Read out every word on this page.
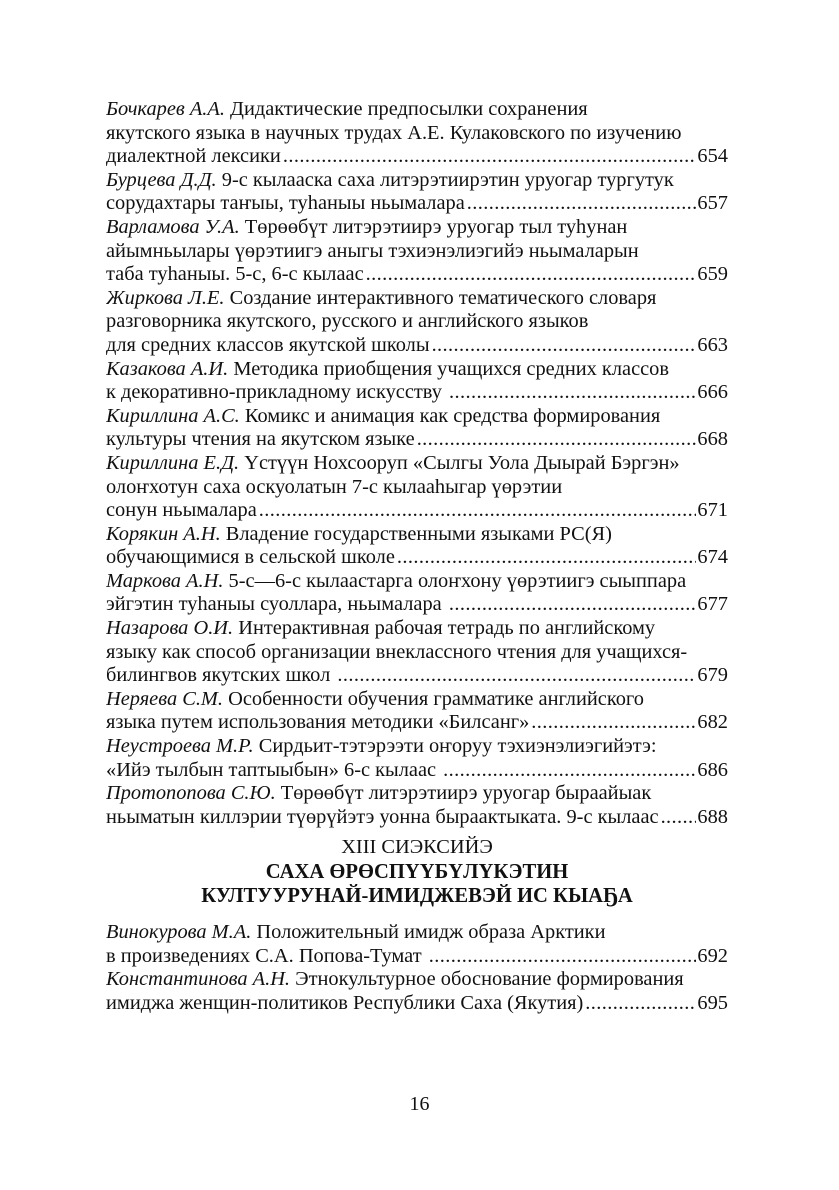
Бочкарев А.А. Дидактические предпосылки сохранения
якутского языка в научных трудах А.Е. Кулаковского по изучению
диалектной лексики .....	654
Бурцева Д.Д. 9-с кылааска саха литэрэтиирэтин уруогар тургутук
сорудахтары таҥыы, туһаныы ньымалара .....	657
Варламова У.А. Төрөөбүт литэрэтиирэ уруогар тыл туһунан
айымньылары үөрэтиигэ аныгы тэхиэнэлиэгийэ ньымаларын
таба туһаныы. 5-с, 6-с кылаас .....	659
Жиркова Л.Е. Создание интерактивного тематического словаря
разговорника якутского, русского и английского языков
для средних классов якутской школы .....	663
Казакова А.И. Методика приобщения учащихся средних классов
к декоративно-прикладному искусству .....	666
Кириллина А.С. Комикс и анимация как средства формирования
культуры чтения на якутском языке .....	668
Кириллина Е.Д. Үстүүн Нохсооруп «Сылгы Уола Дыырай Бэргэн»
олоҥхотун саха оскуолатын 7-с кылааһыгар үөрэтии
сонун ньымалара .....	671
Корякин А.Н. Владение государственными языками РС(Я)
обучающимися в сельской школе .....	674
Маркова А.Н. 5-с—6-с кылаастарга олоҥхону үөрэтиигэ сыыппара
эйгэтин туһаныы суоллара, ньымалара .....	677
Назарова О.И. Интерактивная рабочая тетрадь по английскому
языку как способ организации внеклассного чтения для учащихся-
билингвов якутских школ .....	679
Неряева С.М. Особенности обучения грамматике английского
языка путем использования методики «Билсанг» .....	682
Неустроева М.Р. Сирдьит-тэтэрээти оҥоруу тэхиэнэлиэгийэтэ:
«Ийэ тылбын таптыыбын» 6-с кылаас .....	686
Протопопова С.Ю. Төрөөбүт литэрэтиирэ уруогар быраайыак
ньыматын киллэрии түөрүйэтэ уонна быраактыката. 9-с кылаас ..... 688
XIII СИЭКСИЙЭ
САХА ӨРӨСПҮҮБҮЛҮКЭТИН
КУЛТУУРУНАЙ-ИМИДЖЕВЭЙ ИС КЫАҔА
Винокурова М.А. Положительный имидж образа Арктики
в произведениях С.А. Попова-Тумат .....	692
Константинова А.Н. Этнокультурное обоснование формирования
имиджа женщин-политиков Республики Саха (Якутия) .....	695
16
